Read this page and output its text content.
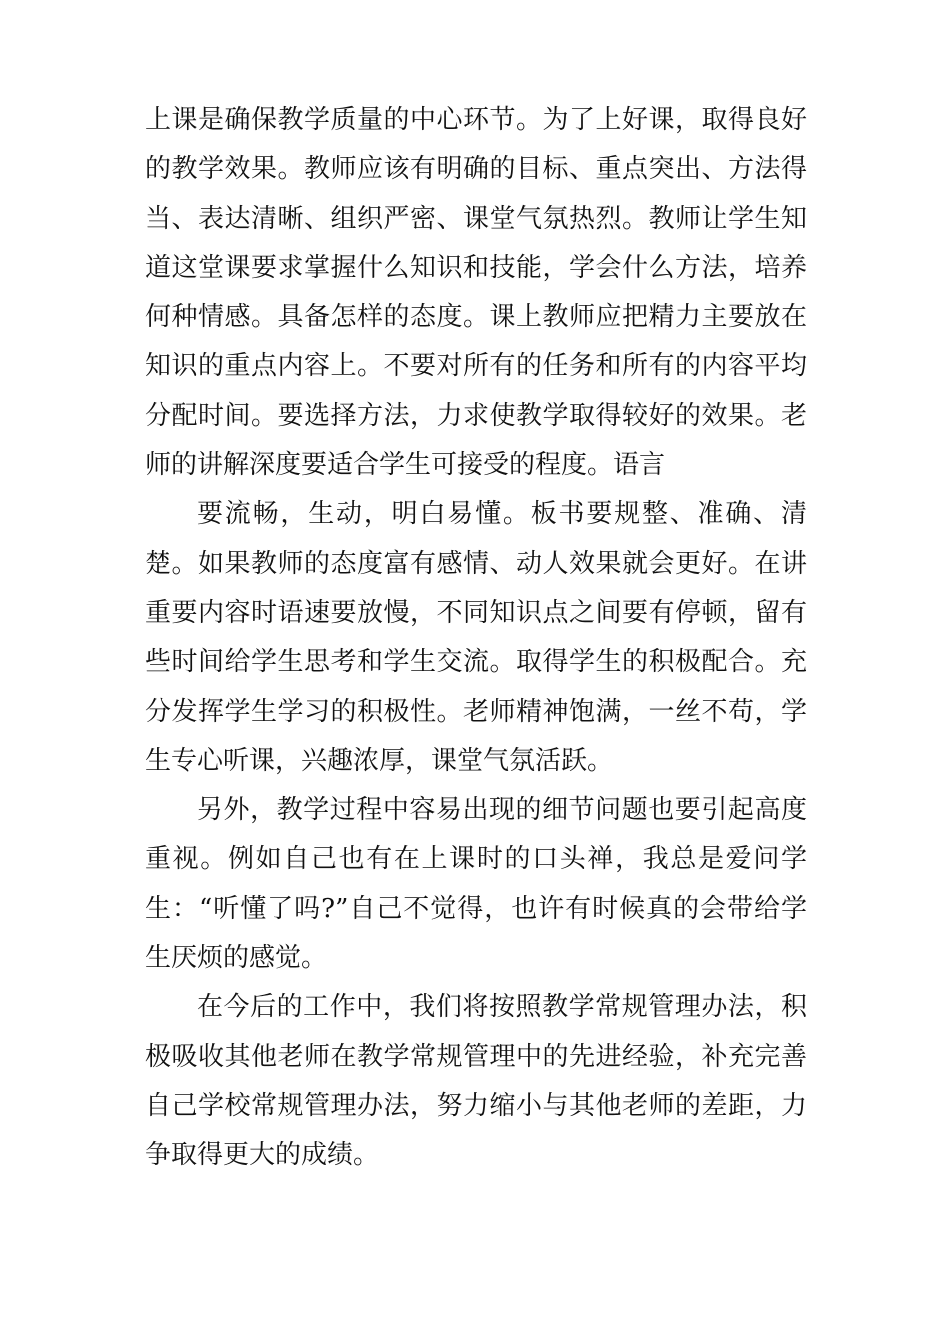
上课是确保教学质量的中心环节。为了上好课，取得良好的教学效果。教师应该有明确的目标、重点突出、方法得当、表达清晰、组织严密、课堂气氛热烈。教师让学生知道这堂课要求掌握什么知识和技能，学会什么方法，培养何种情感。具备怎样的态度。课上教师应把精力主要放在知识的重点内容上。不要对所有的任务和所有的内容平均分配时间。要选择方法，力求使教学取得较好的效果。老师的讲解深度要适合学生可接受的程度。语言

要流畅，生动，明白易懂。板书要规整、准确、清楚。如果教师的态度富有感情、动人效果就会更好。在讲重要内容时语速要放慢，不同知识点之间要有停顿，留有些时间给学生思考和学生交流。取得学生的积极配合。充分发挥学生学习的积极性。老师精神饱满，一丝不苟，学生专心听课，兴趣浓厚，课堂气氛活跃。

另外，教学过程中容易出现的细节问题也要引起高度重视。例如自己也有在上课时的口头禅，我总是爱问学生：“听懂了吗?”自己不觉得，也许有时候真的会带给学生厌烦的感觉。

在今后的工作中，我们将按照教学常规管理办法，积极吸收其他老师在教学常规管理中的先进经验，补充完善自己学校常规管理办法，努力缩小与其他老师的差距，力争取得更大的成绩。
